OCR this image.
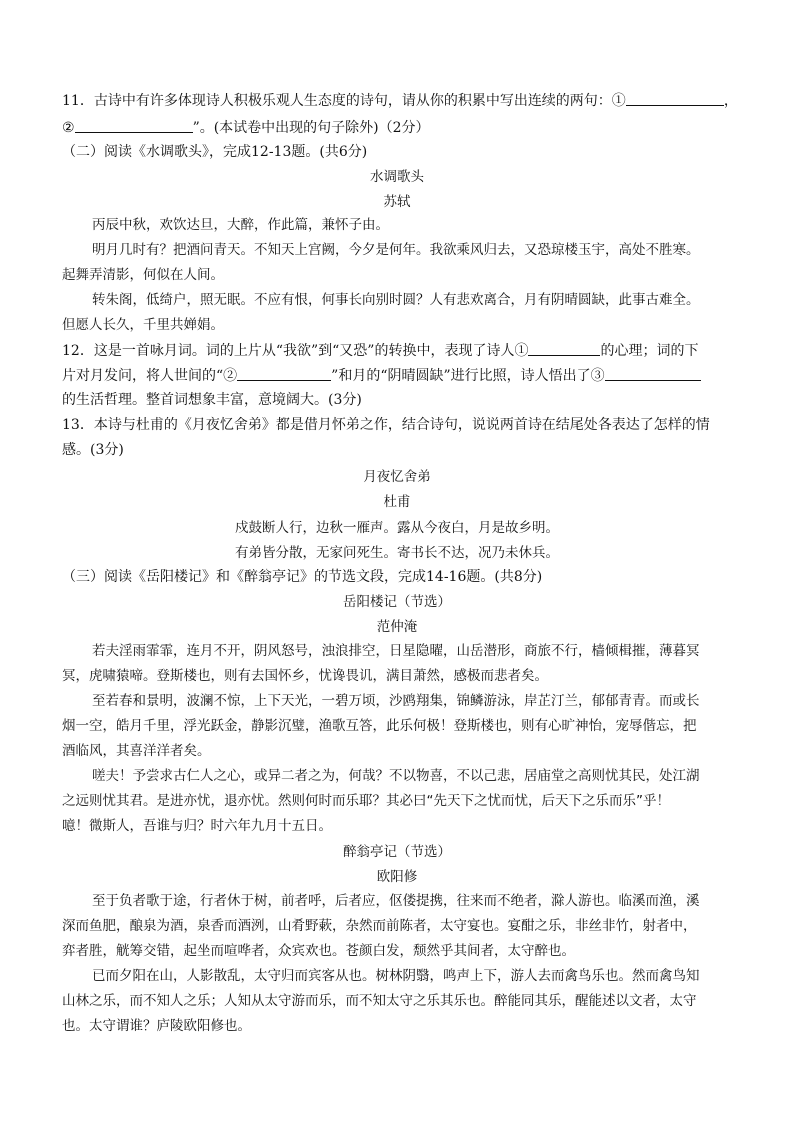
11．古诗中有许多体现诗人积极乐观人生态度的诗句，请从你的积累中写出连续的两句：①	，
②	”。(本试卷中出现的句子除外)（2分）
（二）阅读《水调歌头》，完成12-13题。(共6分)
水调歌头
苏轼
丙辰中秋，欢饮达旦，大醉，作此篇，兼怀子由。
明月几时有？把酒问青天。不知天上宫阙，今夕是何年。我欲乘风归去，又恐琼楼玉宇，高处不胜寒。
起舞弄清影，何似在人间。
转朱阁，低绮户，照无眠。不应有恨，何事长向别时圆？人有悲欢离合，月有阴晴圆缺，此事古难全。
但愿人长久，千里共婵娟。
12．这是一首咏月词。词的上片从“我欲”到“又恐”的转换中，表现了诗人①	的心理；词的下
片对月发问，将人世间的“②	”和月的“阴晴圆缺”进行比照，诗人悟出了③
的生活哲理。整首词想象丰富，意境阔大。(3分)
13．本诗与杜甫的《月夜忆舍弟》都是借月怀弟之作，结合诗句，说说两首诗在结尾处各表达了怎样的情
感。(3分)
月夜忆舍弟
杜甫
戍鼓断人行，边秋一雁声。露从今夜白，月是故乡明。
有弟皆分散，无家问死生。寄书长不达，况乃未休兵。
（三）阅读《岳阳楼记》和《醉翁亭记》的节选文段，完成14-16题。(共8分)
岳阳楼记（节选）
范仲淹
若夫淫雨霏霏，连月不开，阴风怒号，浊浪排空，日星隐曜，山岳潜形，商旅不行，樯倾楫摧，薄暮冥
冥，虎啸猿啼。登斯楼也，则有去国怀乡，忧谗畏讥，满目萧然，感极而悲者矣。
至若春和景明，波澜不惊，上下天光，一碧万顷，沙鸥翔集，锦鳞游泳，岸芷汀兰，郁郁青青。而或长
烟一空，皓月千里，浮光跃金，静影沉璧，渔歌互答，此乐何极！登斯楼也，则有心旷神怡，宠辱偕忘，把
酒临风，其喜洋洋者矣。
嗟夫！予尝求古仁人之心，或异二者之为，何哉？不以物喜，不以己悲，居庙堂之高则忧其民，处江湖
之远则忧其君。是进亦忧，退亦忧。然则何时而乐耶？其必曰“先天下之忧而忧，后天下之乐而乐”乎！
噫！微斯人，吾谁与归？时六年九月十五日。
醉翁亭记（节选）
欧阳修
至于负者歌于途，行者休于树，前者呼，后者应，伛偻提携，往来而不绝者，滁人游也。临溪而渔，溪
深而鱼肥，酿泉为酒，泉香而酒洌，山肴野蔌，杂然而前陈者，太守宴也。宴酣之乐，非丝非竹，射者中，
弈者胜，觥筹交错，起坐而喧哗者，众宾欢也。苍颜白发，颓然乎其间者，太守醉也。
已而夕阳在山，人影散乱，太守归而宾客从也。树林阴翳，鸣声上下，游人去而禽鸟乐也。然而禽鸟知
山林之乐，而不知人之乐；人知从太守游而乐，而不知太守之乐其乐也。醉能同其乐，醒能述以文者，太守
也。太守谓谁？庐陵欧阳修也。
